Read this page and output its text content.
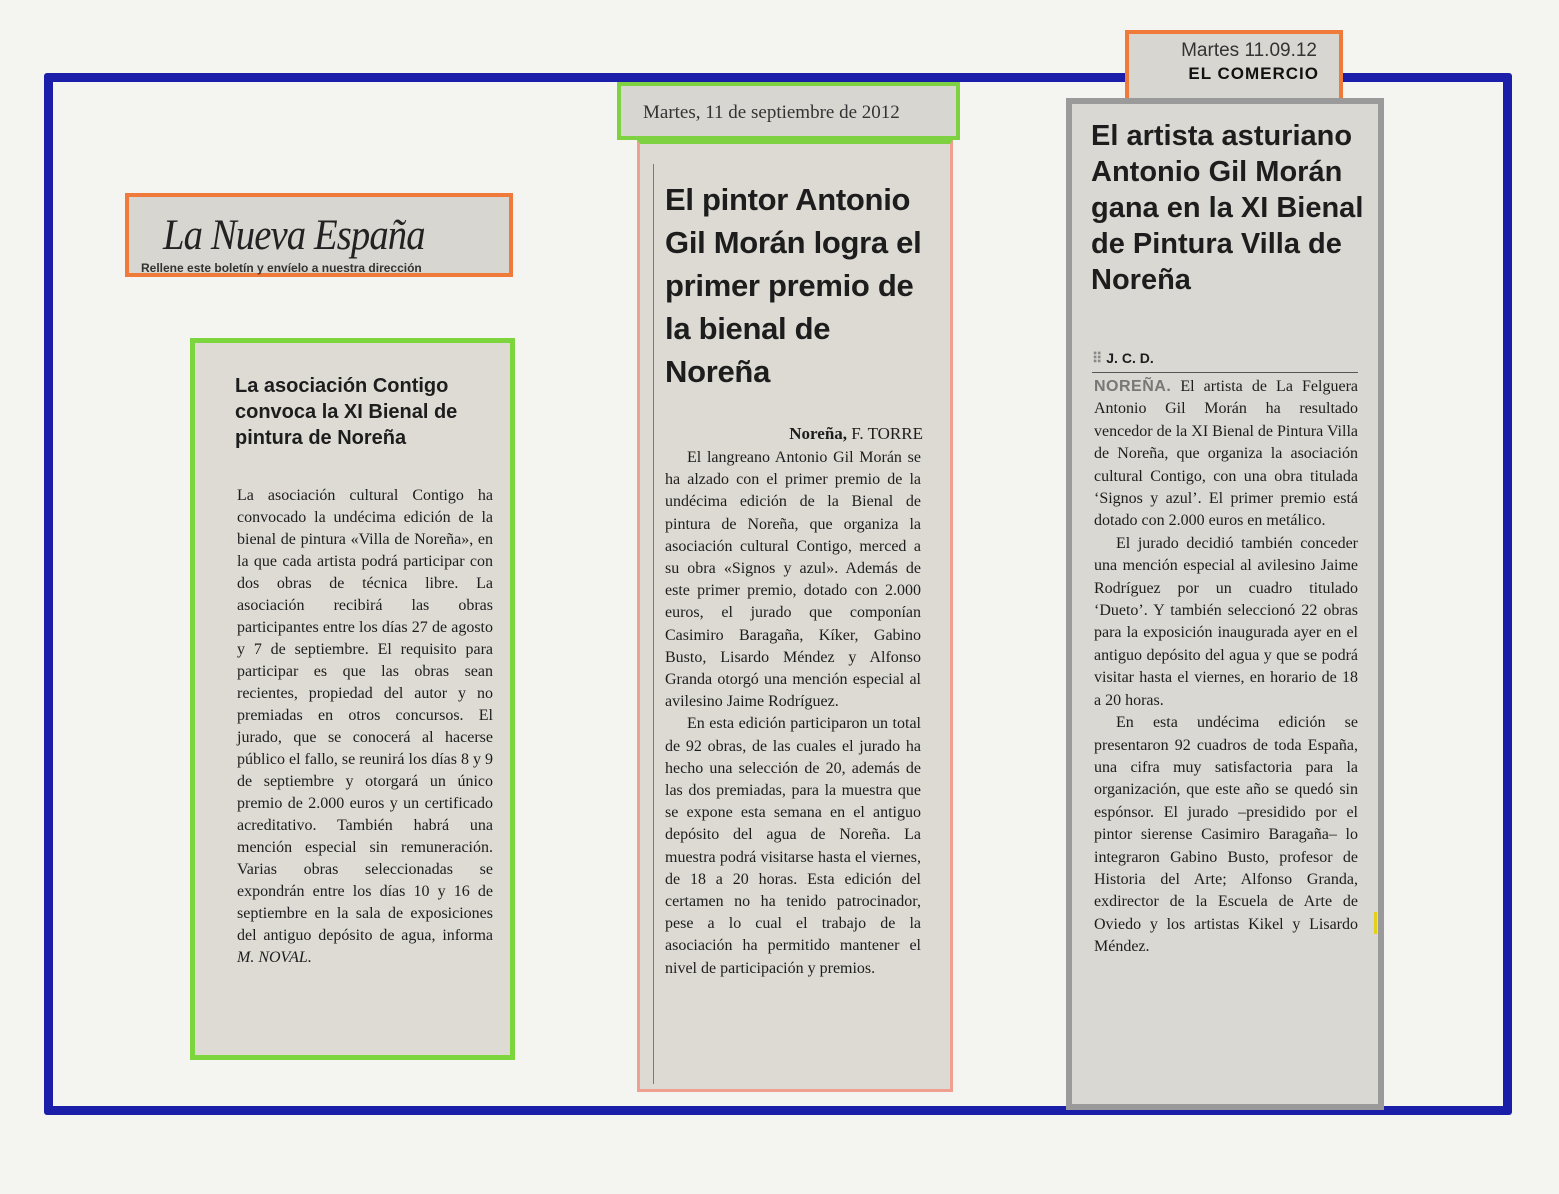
La Nueva España
Rellene este boletín y envíelo a nuestra dirección
La asociación Contigo convoca la XI Bienal de pintura de Noreña

La asociación cultural Contigo ha convocado la undécima edición de la bienal de pintura «Villa de Noreña», en la que cada artista podrá participar con dos obras de técnica libre. La asociación recibirá las obras participantes entre los días 27 de agosto y 7 de septiembre. El requisito para participar es que las obras sean recientes, propiedad del autor y no premiadas en otros concursos. El jurado, que se conocerá al hacerse público el fallo, se reunirá los días 8 y 9 de septiembre y otorgará un único premio de 2.000 euros y un certificado acreditativo. También habrá una mención especial sin remuneración. Varias obras seleccionadas se expondrán entre los días 10 y 16 de septiembre en la sala de exposiciones del antiguo depósito de agua, informa M. NOVAL.

Martes, 11 de septiembre de 2012
El pintor Antonio Gil Morán logra el primer premio de la bienal de Noreña
Noreña, F. TORRE

El langreano Antonio Gil Morán se ha alzado con el primer premio de la undécima edición de la Bienal de pintura de Noreña, que organiza la asociación cultural Contigo, merced a su obra «Signos y azul». Además de este primer premio, dotado con 2.000 euros, el jurado que componían Casimiro Baragaña, Kíker, Gabino Busto, Lisardo Méndez y Alfonso Granda otorgó una mención especial al avilesino Jaime Rodríguez.

En esta edición participaron un total de 92 obras, de las cuales el jurado ha hecho una selección de 20, además de las dos premiadas, para la muestra que se expone esta semana en el antiguo depósito del agua de Noreña. La muestra podrá visitarse hasta el viernes, de 18 a 20 horas. Esta edición del certamen no ha tenido patrocinador, pese a lo cual el trabajo de la asociación ha permitido mantener el nivel de participación y premios.

Martes 11.09.12
EL COMERCIO
El artista asturiano Antonio Gil Morán gana en la XI Bienal de Pintura Villa de Noreña
⠿ J. C. D.

NOREÑA. El artista de La Felguera Antonio Gil Morán ha resultado vencedor de la XI Bienal de Pintura Villa de Noreña, que organiza la asociación cultural Contigo, con una obra titulada ‘Signos y azul’. El primer premio está dotado con 2.000 euros en metálico.

El jurado decidió también conceder una mención especial al avilesino Jaime Rodríguez por un cuadro titulado ‘Dueto’. Y también seleccionó 22 obras para la exposición inaugurada ayer en el antiguo depósito del agua y que se podrá visitar hasta el viernes, en horario de 18 a 20 horas.

En esta undécima edición se presentaron 92 cuadros de toda España, una cifra muy satisfactoria para la organización, que este año se quedó sin espónsor. El jurado –presidido por el pintor sierense Casimiro Baragaña– lo integraron Gabino Busto, profesor de Historia del Arte; Alfonso Granda, exdirector de la Escuela de Arte de Oviedo y los artistas Kikel y Lisardo Méndez.
